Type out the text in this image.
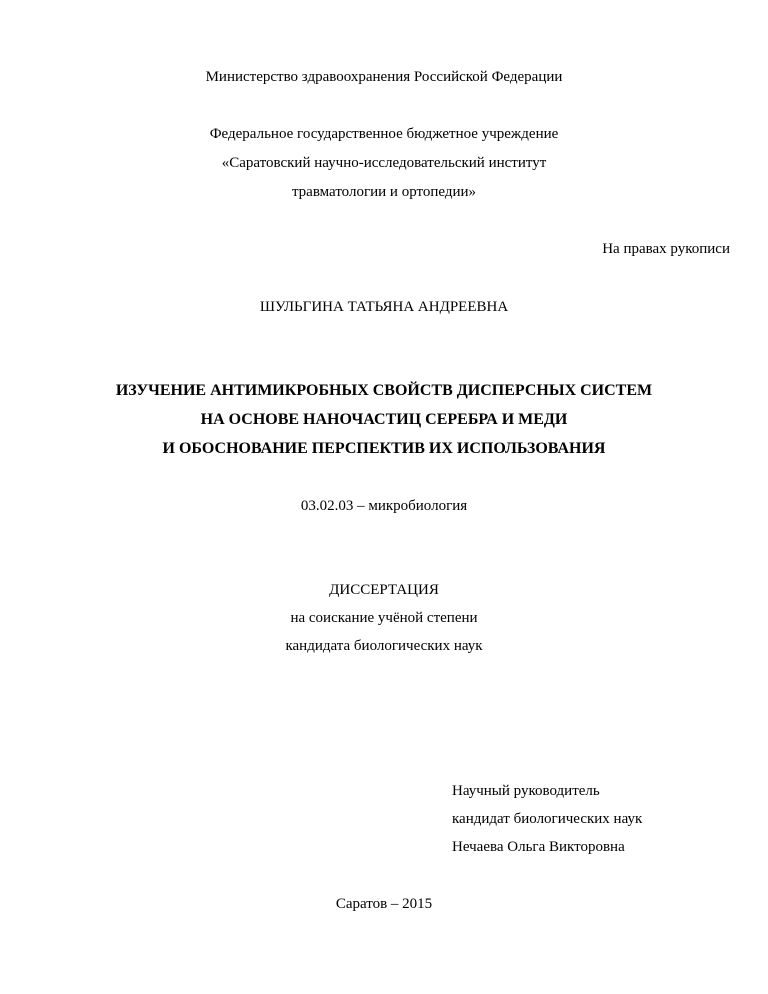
Министерство здравоохранения Российской Федерации
Федеральное государственное бюджетное учреждение
«Саратовский научно-исследовательский институт
травматологии и ортопедии»
На правах рукописи
ШУЛЬГИНА ТАТЬЯНА АНДРЕЕВНА
ИЗУЧЕНИЕ АНТИМИКРОБНЫХ СВОЙСТВ ДИСПЕРСНЫХ СИСТЕМ
НА ОСНОВЕ НАНОЧАСТИЦ СЕРЕБРА И МЕДИ
И ОБОСНОВАНИЕ ПЕРСПЕКТИВ ИХ ИСПОЛЬЗОВАНИЯ
03.02.03 – микробиология
ДИССЕРТАЦИЯ
на соискание учёной степени
кандидата биологических наук
Научный руководитель
кандидат биологических наук
Нечаева Ольга Викторовна
Саратов – 2015
